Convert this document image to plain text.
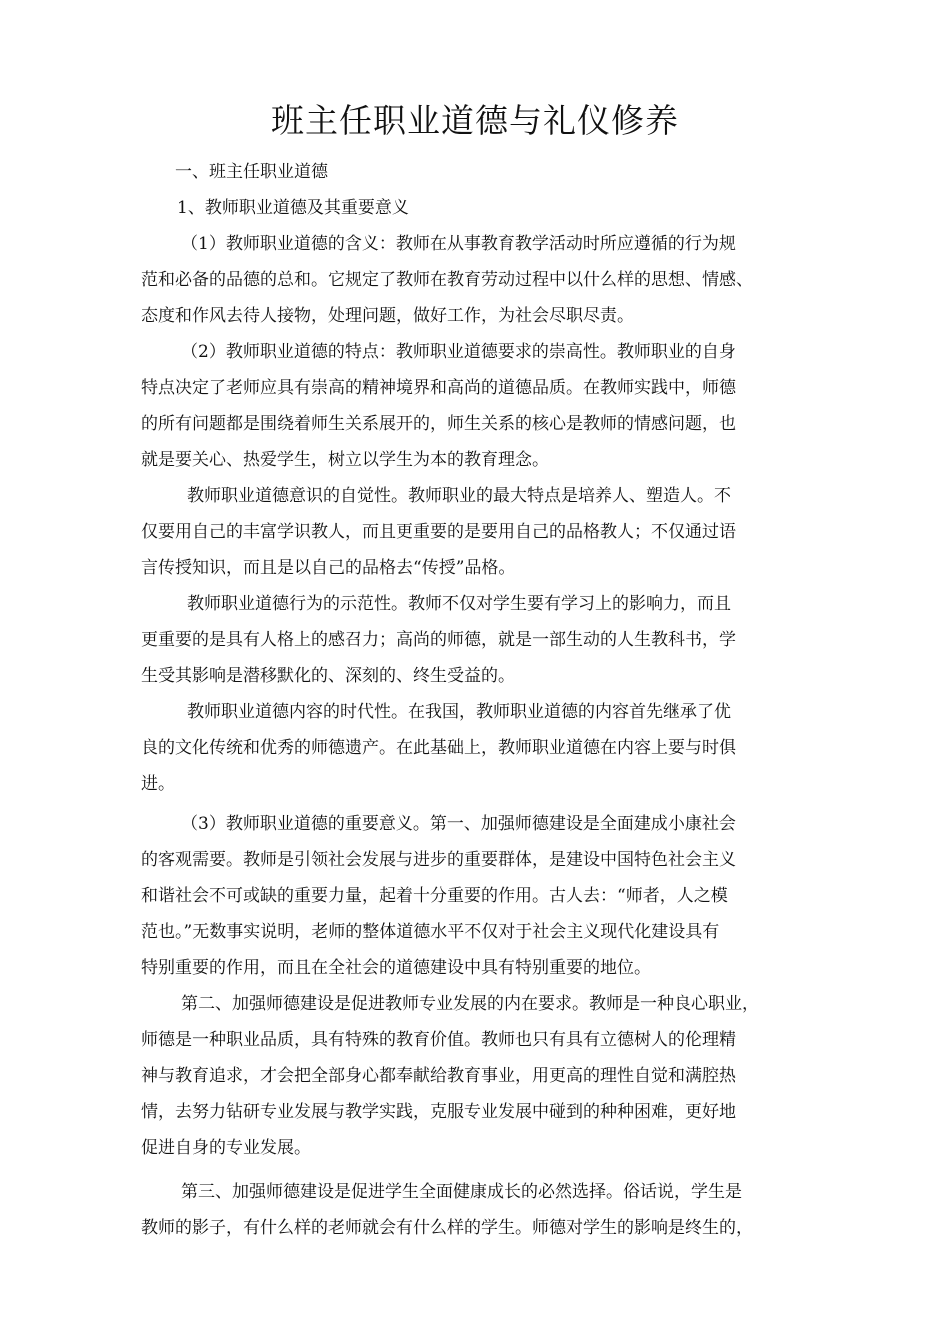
班主任职业道德与礼仪修养
一、班主任职业道德
1、教师职业道德及其重要意义
（1）教师职业道德的含义：教师在从事教育教学活动时所应遵循的行为规
范和必备的品德的总和。它规定了教师在教育劳动过程中以什么样的思想、情感、
态度和作风去待人接物，处理问题，做好工作，为社会尽职尽责。
（2）教师职业道德的特点：教师职业道德要求的崇高性。教师职业的自身
特点决定了老师应具有崇高的精神境界和高尚的道德品质。在教师实践中，师德
的所有问题都是围绕着师生关系展开的，师生关系的核心是教师的情感问题，也
就是要关心、热爱学生，树立以学生为本的教育理念。
教师职业道德意识的自觉性。教师职业的最大特点是培养人、塑造人。不
仅要用自己的丰富学识教人，而且更重要的是要用自己的品格教人；不仅通过语
言传授知识，而且是以自己的品格去“传授”品格。
教师职业道德行为的示范性。教师不仅对学生要有学习上的影响力，而且
更重要的是具有人格上的感召力；高尚的师德，就是一部生动的人生教科书，学
生受其影响是潜移默化的、深刻的、终生受益的。
教师职业道德内容的时代性。在我国，教师职业道德的内容首先继承了优
良的文化传统和优秀的师德遗产。在此基础上，教师职业道德在内容上要与时俱
进。
（3）教师职业道德的重要意义。第一、加强师德建设是全面建成小康社会
的客观需要。教师是引领社会发展与进步的重要群体，是建设中国特色社会主义
和谐社会不可或缺的重要力量，起着十分重要的作用。古人去：“师者，人之模
范也。”无数事实说明，老师的整体道德水平不仅对于社会主义现代化建设具有
特别重要的作用，而且在全社会的道德建设中具有特别重要的地位。
第二、加强师德建设是促进教师专业发展的内在要求。教师是一种良心职业，
师德是一种职业品质，具有特殊的教育价值。教师也只有具有立德树人的伦理精
神与教育追求，才会把全部身心都奉献给教育事业，用更高的理性自觉和满腔热
情，去努力钻研专业发展与教学实践，克服专业发展中碰到的种种困难，更好地
促进自身的专业发展。
第三、加强师德建设是促进学生全面健康成长的必然选择。俗话说，学生是
教师的影子，有什么样的老师就会有什么样的学生。师德对学生的影响是终生的，
